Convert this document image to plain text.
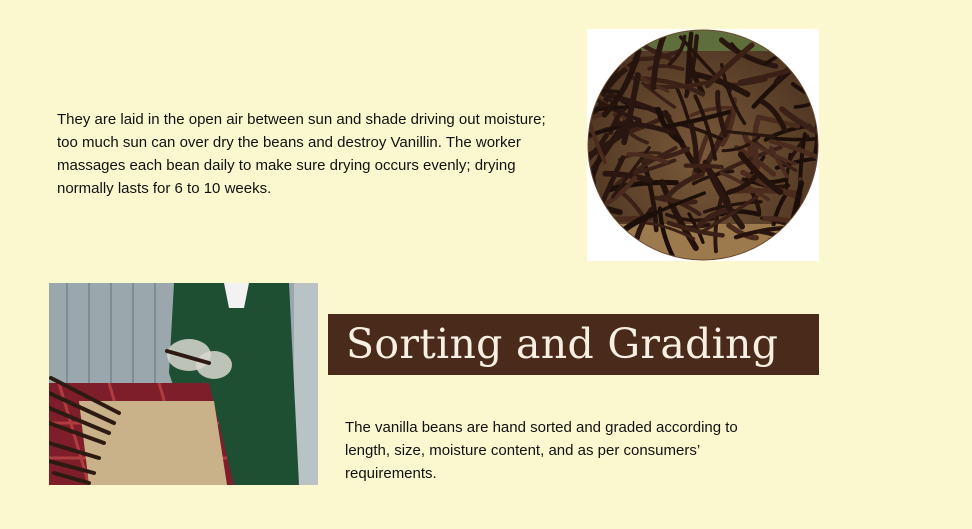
They are laid in the open air between sun and shade driving out moisture; too much sun can over dry the beans and destroy Vanillin. The worker massages each bean daily to make sure drying occurs evenly; drying normally lasts for 6 to 10 weeks.

Sorting and Grading

The vanilla beans are hand sorted and graded according to length, size, moisture content, and as per consumers’ requirements.
